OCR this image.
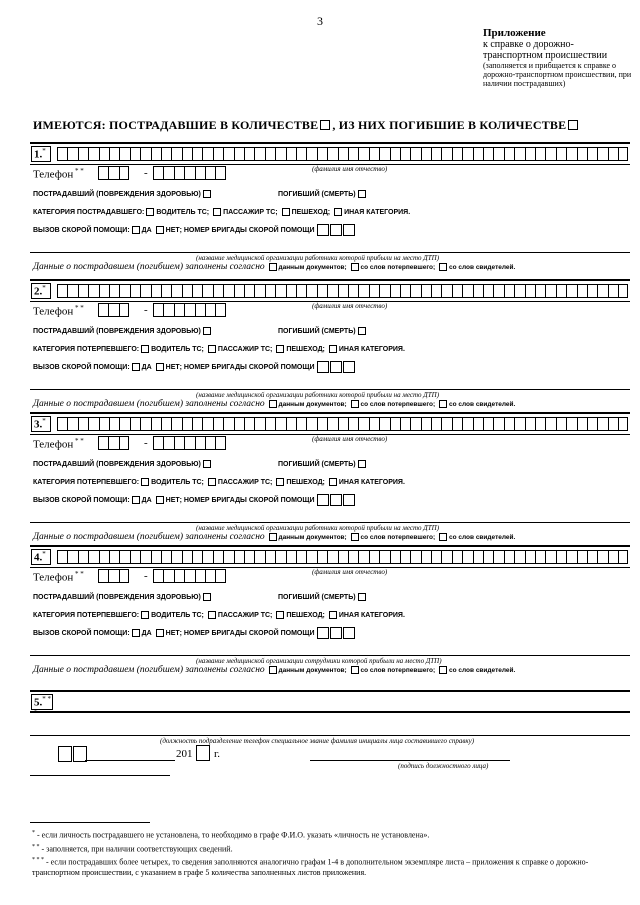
3
Приложение
к справке о дорожно-
транспортном происшествии
(заполняется и прибщается к справке о дорожно-транспортном происшествии, при наличии пострадавших)
ИМЕЮТСЯ: ПОСТРАДАВШИЕ В КОЛИЧЕСТВЕ , ИЗ НИХ ПОГИБШИЕ В КОЛИЧЕСТВЕ
1.*
(фамилия имя отчество)
Телефон * *	-
ПОСТРАДАВШИЙ (ПОВРЕЖДЕНИЯ ЗДОРОВЬЮ)	ПОГИБШИЙ (СМЕРТЬ)
КАТЕГОРИЯ ПОСТРАДАВШЕГО: ВОДИТЕЛЬ ТС; ПАССАЖИР ТС; ПЕШЕХОД; ИНАЯ КАТЕГОРИЯ.
ВЫЗОВ СКОРОЙ ПОМОЩИ: ДА НЕТ; НОМЕР БРИГАДЫ СКОРОЙ ПОМОЩИ
(название медицинской организации работники которой прибыли на место ДТП)
Данные о пострадавшем (погибшем) заполнены согласно данным документов; со слов потерпевшего; со слов свидетелей.
2.*
(фамилия имя отчество)
Телефон * *	-
ПОСТРАДАВШИЙ (ПОВРЕЖДЕНИЯ ЗДОРОВЬЮ)	ПОГИБШИЙ (СМЕРТЬ)
КАТЕГОРИЯ ПОТЕРПЕВШЕГО: ВОДИТЕЛЬ ТС; ПАССАЖИР ТС; ПЕШЕХОД; ИНАЯ КАТЕГОРИЯ.
ВЫЗОВ СКОРОЙ ПОМОЩИ: ДА НЕТ; НОМЕР БРИГАДЫ СКОРОЙ ПОМОЩИ
(название медицинской организации работники которой прибыли на место ДТП)
Данные о пострадавшем (погибшем) заполнены согласно данным документов; со слов потерпевшего; со слов свидетелей.
3.*
(фамилия имя отчество)
Телефон * *	-
ПОСТРАДАВШИЙ (ПОВРЕЖДЕНИЯ ЗДОРОВЬЮ)	ПОГИБШИЙ (СМЕРТЬ)
КАТЕГОРИЯ ПОТЕРПЕВШЕГО: ВОДИТЕЛЬ ТС; ПАССАЖИР ТС; ПЕШЕХОД; ИНАЯ КАТЕГОРИЯ.
ВЫЗОВ СКОРОЙ ПОМОЩИ: ДА НЕТ; НОМЕР БРИГАДЫ СКОРОЙ ПОМОЩИ
(название медицинской организации работники которой прибыли на место ДТП)
Данные о пострадавшем (погибшем) заполнены согласно данным документов; со слов потерпевшего; со слов свидетелей.
4.*
(фамилия имя отчество)
Телефон * *	-
ПОСТРАДАВШИЙ (ПОВРЕЖДЕНИЯ ЗДОРОВЬЮ)	ПОГИБШИЙ (СМЕРТЬ)
КАТЕГОРИЯ ПОТЕРПЕВШЕГО: ВОДИТЕЛЬ ТС; ПАССАЖИР ТС; ПЕШЕХОД; ИНАЯ КАТЕГОРИЯ.
ВЫЗОВ СКОРОЙ ПОМОЩИ: ДА НЕТ; НОМЕР БРИГАДЫ СКОРОЙ ПОМОЩИ
(название медицинской организации сотрудники которой прибыли на место ДТП)
Данные о пострадавшем (погибшем) заполнены согласно данным документов; со слов потерпевшего; со слов свидетелей.
5.* * *
(должность подразделение телефон специальное звание фамилия инициалы лица составившего справку)
201 г.
(подпись должностного лица)
* - если личность пострадавшего не установлена, то необходимо в графе Ф.И.О. указать «личность не установлена».
* * - заполняется, при наличии соответствующих сведений.
* * * - если пострадавших более четырех, то сведения заполняются аналогично графам 1-4 в дополнительном экземпляре листа – приложения к справке о дорожно-транспортном происшествии, с указанием в графе 5 количества заполненных листов приложения.
